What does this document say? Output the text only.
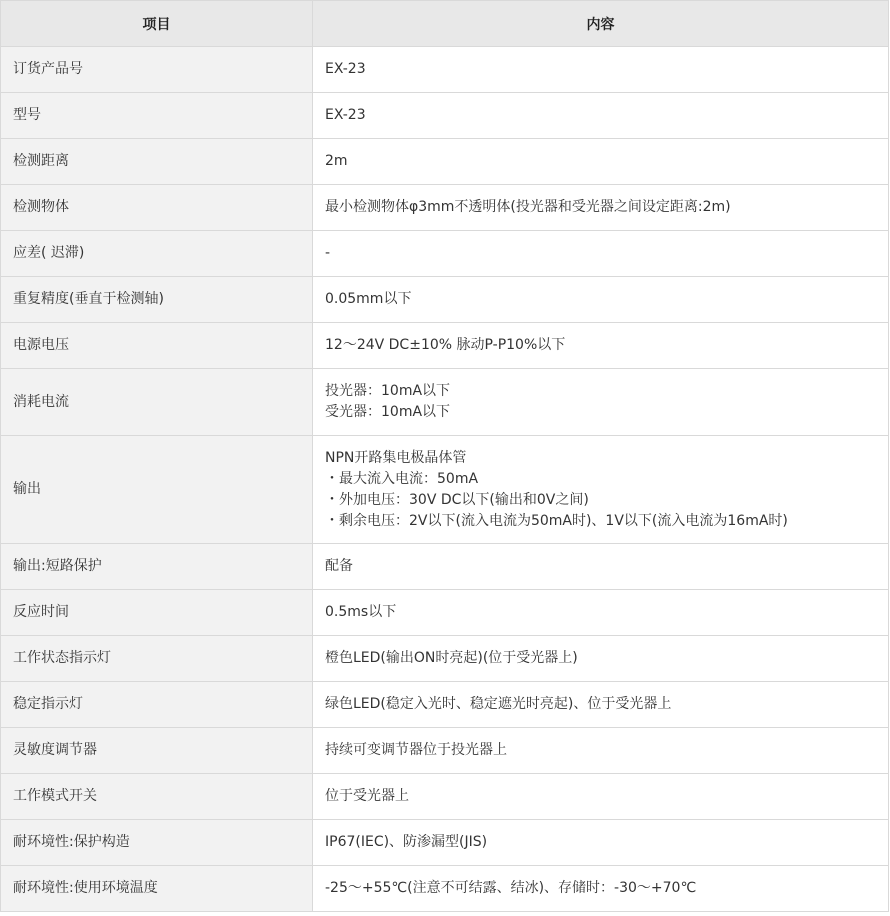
项目	内容
订货产品号	EX-23

型号	EX-23

检测距离	2m

检测物体	最小检测物体φ3mm不透明体(投光器和受光器之间设定距离:2m)

应差( 迟滞)	-

重复精度(垂直于检测轴)	0.05mm以下

电源电压	12～24V DC±10% 脉动P-P10%以下

消耗电流	投光器：10mA以下
受光器：10mA以下

输出	NPN开路集电极晶体管
・最大流入电流：50mA
・外加电压：30V DC以下(输出和0V之间)
・剩余电压：2V以下(流入电流为50mA时)、1V以下(流入电流为16mA时)

输出:短路保护	配备

反应时间	0.5ms以下

工作状态指示灯	橙色LED(输出ON时亮起)(位于受光器上)

稳定指示灯	绿色LED(稳定入光时、稳定遮光时亮起)、位于受光器上

灵敏度调节器	持续可变调节器位于投光器上

工作模式开关	位于受光器上

耐环境性:保护构造	IP67(IEC)、防渗漏型(JIS)

耐环境性:使用环境温度	-25～+55℃(注意不可结露、结冰)、存储时：-30～+70℃
